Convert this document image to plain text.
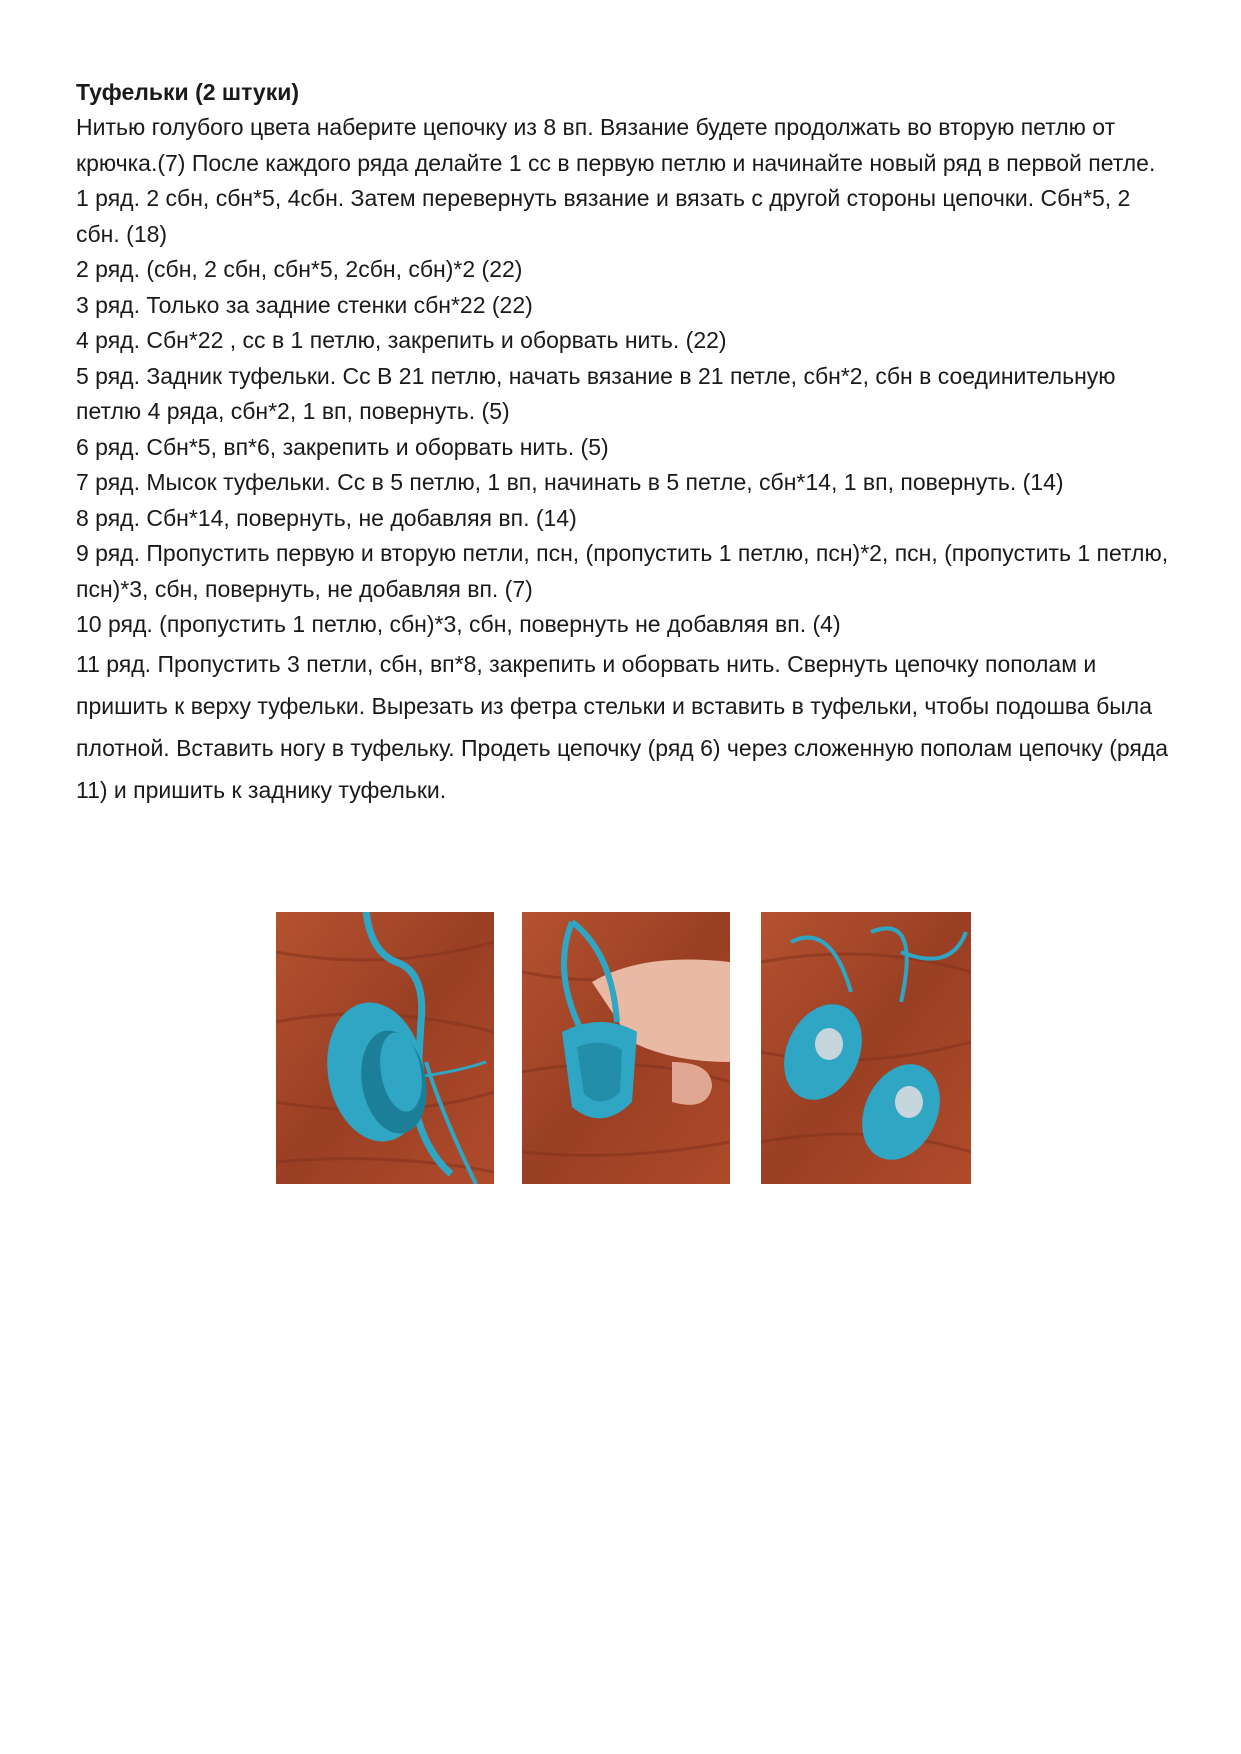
Туфельки (2 штуки)

Нитью голубого цвета наберите цепочку из 8 вп. Вязание будете продолжать во вторую петлю от крючка.(7) После каждого ряда делайте 1 сс в первую петлю и начинайте новый ряд в первой петле.

1 ряд. 2 сбн, сбн*5, 4сбн. Затем перевернуть вязание и вязать с другой стороны цепочки. Сбн*5, 2 сбн. (18)

2 ряд. (сбн, 2 сбн, сбн*5, 2сбн, сбн)*2 (22)

3 ряд. Только за задние стенки сбн*22 (22)

4 ряд. Сбн*22 , сс в 1 петлю, закрепить и оборвать нить. (22)

5 ряд. Задник туфельки. Сс В 21 петлю, начать вязание в 21 петле, сбн*2, сбн в соединительную петлю 4 ряда, сбн*2, 1 вп, повернуть. (5)

6 ряд. Сбн*5, вп*6, закрепить и оборвать нить. (5)

7 ряд. Мысок туфельки. Сс в 5 петлю, 1 вп, начинать в 5 петле, сбн*14, 1 вп, повернуть. (14)

8 ряд. Сбн*14, повернуть, не добавляя вп. (14)

9 ряд. Пропустить первую и вторую петли, псн, (пропустить 1 петлю, псн)*2, псн, (пропустить 1 петлю, псн)*3, сбн, повернуть, не добавляя вп. (7)

10 ряд. (пропустить 1 петлю, сбн)*3, сбн, повернуть не добавляя вп. (4)

11 ряд. Пропустить 3 петли, сбн, вп*8, закрепить и оборвать нить. Свернуть цепочку пополам и пришить к верху туфельки. Вырезать из фетра стельки и вставить в туфельки, чтобы подошва была плотной. Вставить ногу в туфельку. Продеть цепочку (ряд 6) через сложенную пополам цепочку (ряда 11) и пришить к заднику туфельки.
